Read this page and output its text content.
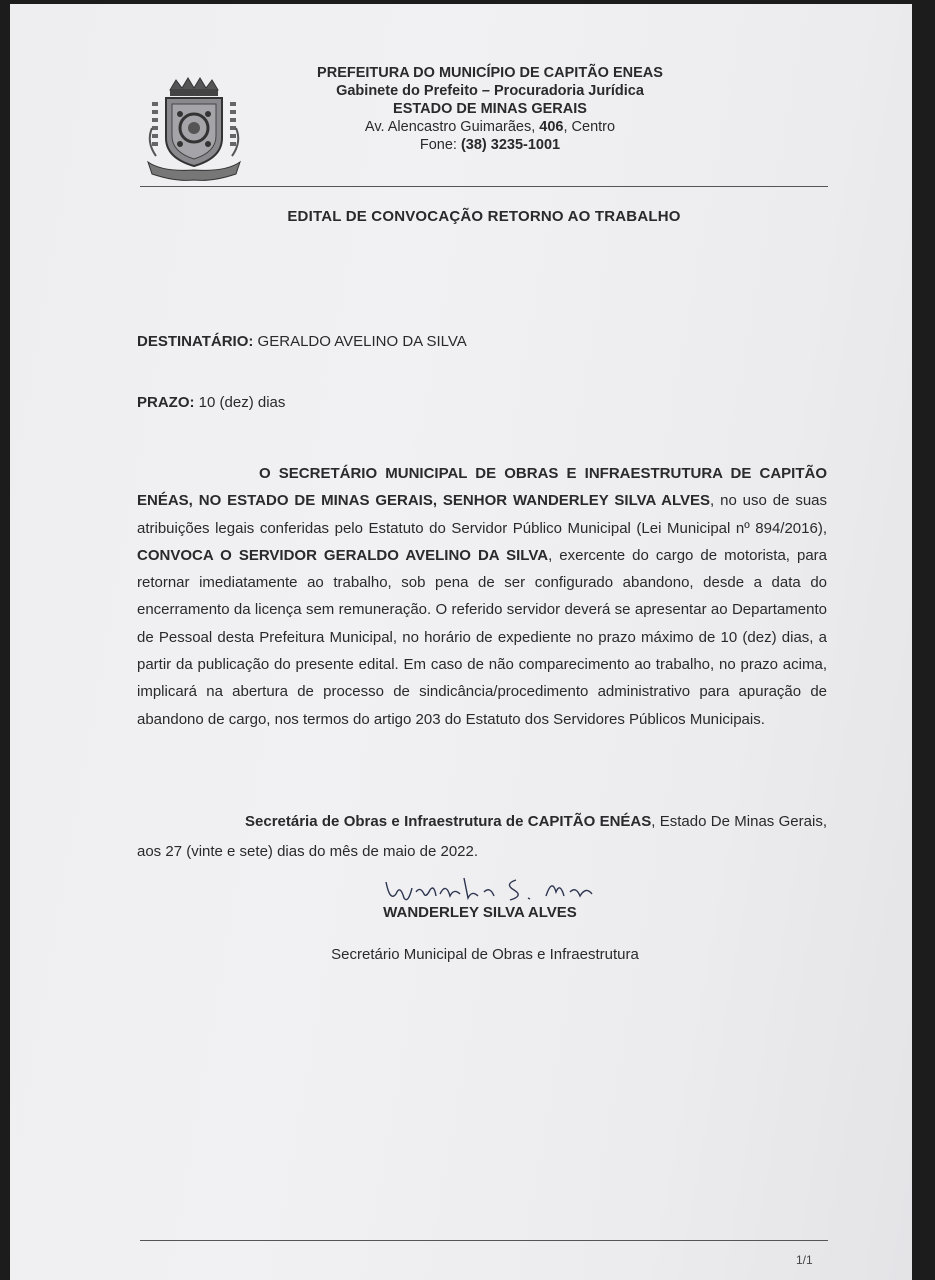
PREFEITURA DO MUNICÍPIO DE CAPITÃO ENEAS
Gabinete do Prefeito – Procuradoria Jurídica
ESTADO DE MINAS GERAIS
Av. Alencastro Guimarães, 406, Centro
Fone: (38) 3235-1001
EDITAL DE CONVOCAÇÃO RETORNO AO TRABALHO
DESTINATÁRIO: GERALDO AVELINO DA SILVA
PRAZO: 10 (dez) dias
O SECRETÁRIO MUNICIPAL DE OBRAS E INFRAESTRUTURA DE CAPITÃO ENÉAS, NO ESTADO DE MINAS GERAIS, SENHOR WANDERLEY SILVA ALVES, no uso de suas atribuições legais conferidas pelo Estatuto do Servidor Público Municipal (Lei Municipal nº 894/2016), CONVOCA O SERVIDOR GERALDO AVELINO DA SILVA, exercente do cargo de motorista, para retornar imediatamente ao trabalho, sob pena de ser configurado abandono, desde a data do encerramento da licença sem remuneração. O referido servidor deverá se apresentar ao Departamento de Pessoal desta Prefeitura Municipal, no horário de expediente no prazo máximo de 10 (dez) dias, a partir da publicação do presente edital. Em caso de não comparecimento ao trabalho, no prazo acima, implicará na abertura de processo de sindicância/procedimento administrativo para apuração de abandono de cargo, nos termos do artigo 203 do Estatuto dos Servidores Públicos Municipais.
Secretária de Obras e Infraestrutura de CAPITÃO ENÉAS, Estado De Minas Gerais, aos 27 (vinte e sete) dias do mês de maio de 2022.
WANDERLEY SILVA ALVES
Secretário Municipal de Obras e Infraestrutura
1/1
